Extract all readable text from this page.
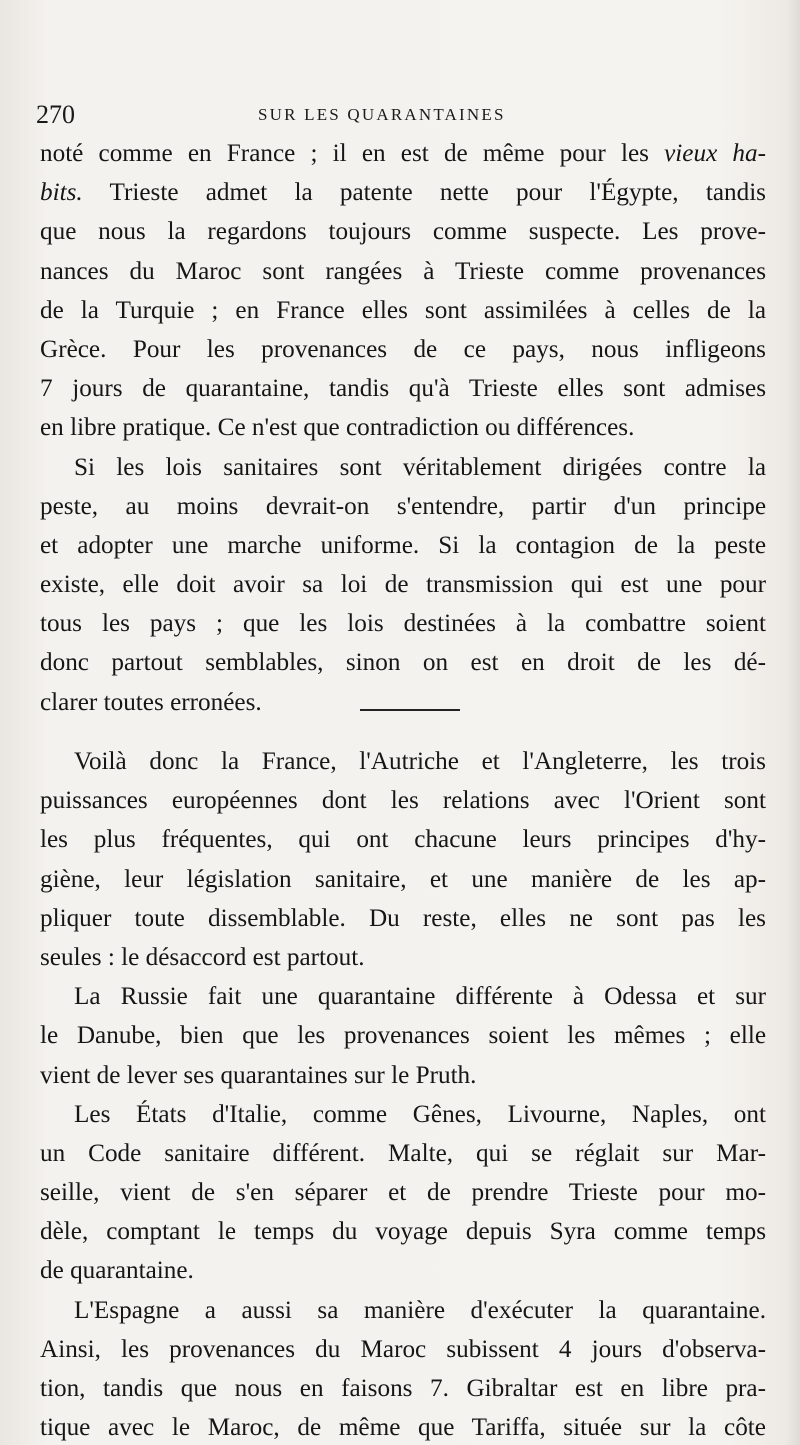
270	SUR LES QUARANTAINES
noté comme en France ; il en est de même pour les vieux ha-
bits. Trieste admet la patente nette pour l'Égypte, tandis
que nous la regardons toujours comme suspecte. Les prove-
nances du Maroc sont rangées à Trieste comme provenances
de la Turquie ; en France elles sont assimilées à celles de la
Grèce. Pour les provenances de ce pays, nous infligeons
7 jours de quarantaine, tandis qu'à Trieste elles sont admises
en libre pratique. Ce n'est que contradiction ou différences.
Si les lois sanitaires sont véritablement dirigées contre la
peste, au moins devrait-on s'entendre, partir d'un principe
et adopter une marche uniforme. Si la contagion de la peste
existe, elle doit avoir sa loi de transmission qui est une pour
tous les pays ; que les lois destinées à la combattre soient
donc partout semblables, sinon on est en droit de les dé-
clarer toutes erronées.
Voilà donc la France, l'Autriche et l'Angleterre, les trois
puissances européennes dont les relations avec l'Orient sont
les plus fréquentes, qui ont chacune leurs principes d'hy-
giène, leur législation sanitaire, et une manière de les ap-
pliquer toute dissemblable. Du reste, elles ne sont pas les
seules : le désaccord est partout.
La Russie fait une quarantaine différente à Odessa et sur
le Danube, bien que les provenances soient les mêmes ; elle
vient de lever ses quarantaines sur le Pruth.
Les États d'Italie, comme Gênes, Livourne, Naples, ont
un Code sanitaire différent. Malte, qui se réglait sur Mar-
seille, vient de s'en séparer et de prendre Trieste pour mo-
dèle, comptant le temps du voyage depuis Syra comme temps
de quarantaine.
L'Espagne a aussi sa manière d'exécuter la quarantaine.
Ainsi, les provenances du Maroc subissent 4 jours d'observa-
tion, tandis que nous en faisons 7. Gibraltar est en libre pra-
tique avec le Maroc, de même que Tariffa, située sur la côte
